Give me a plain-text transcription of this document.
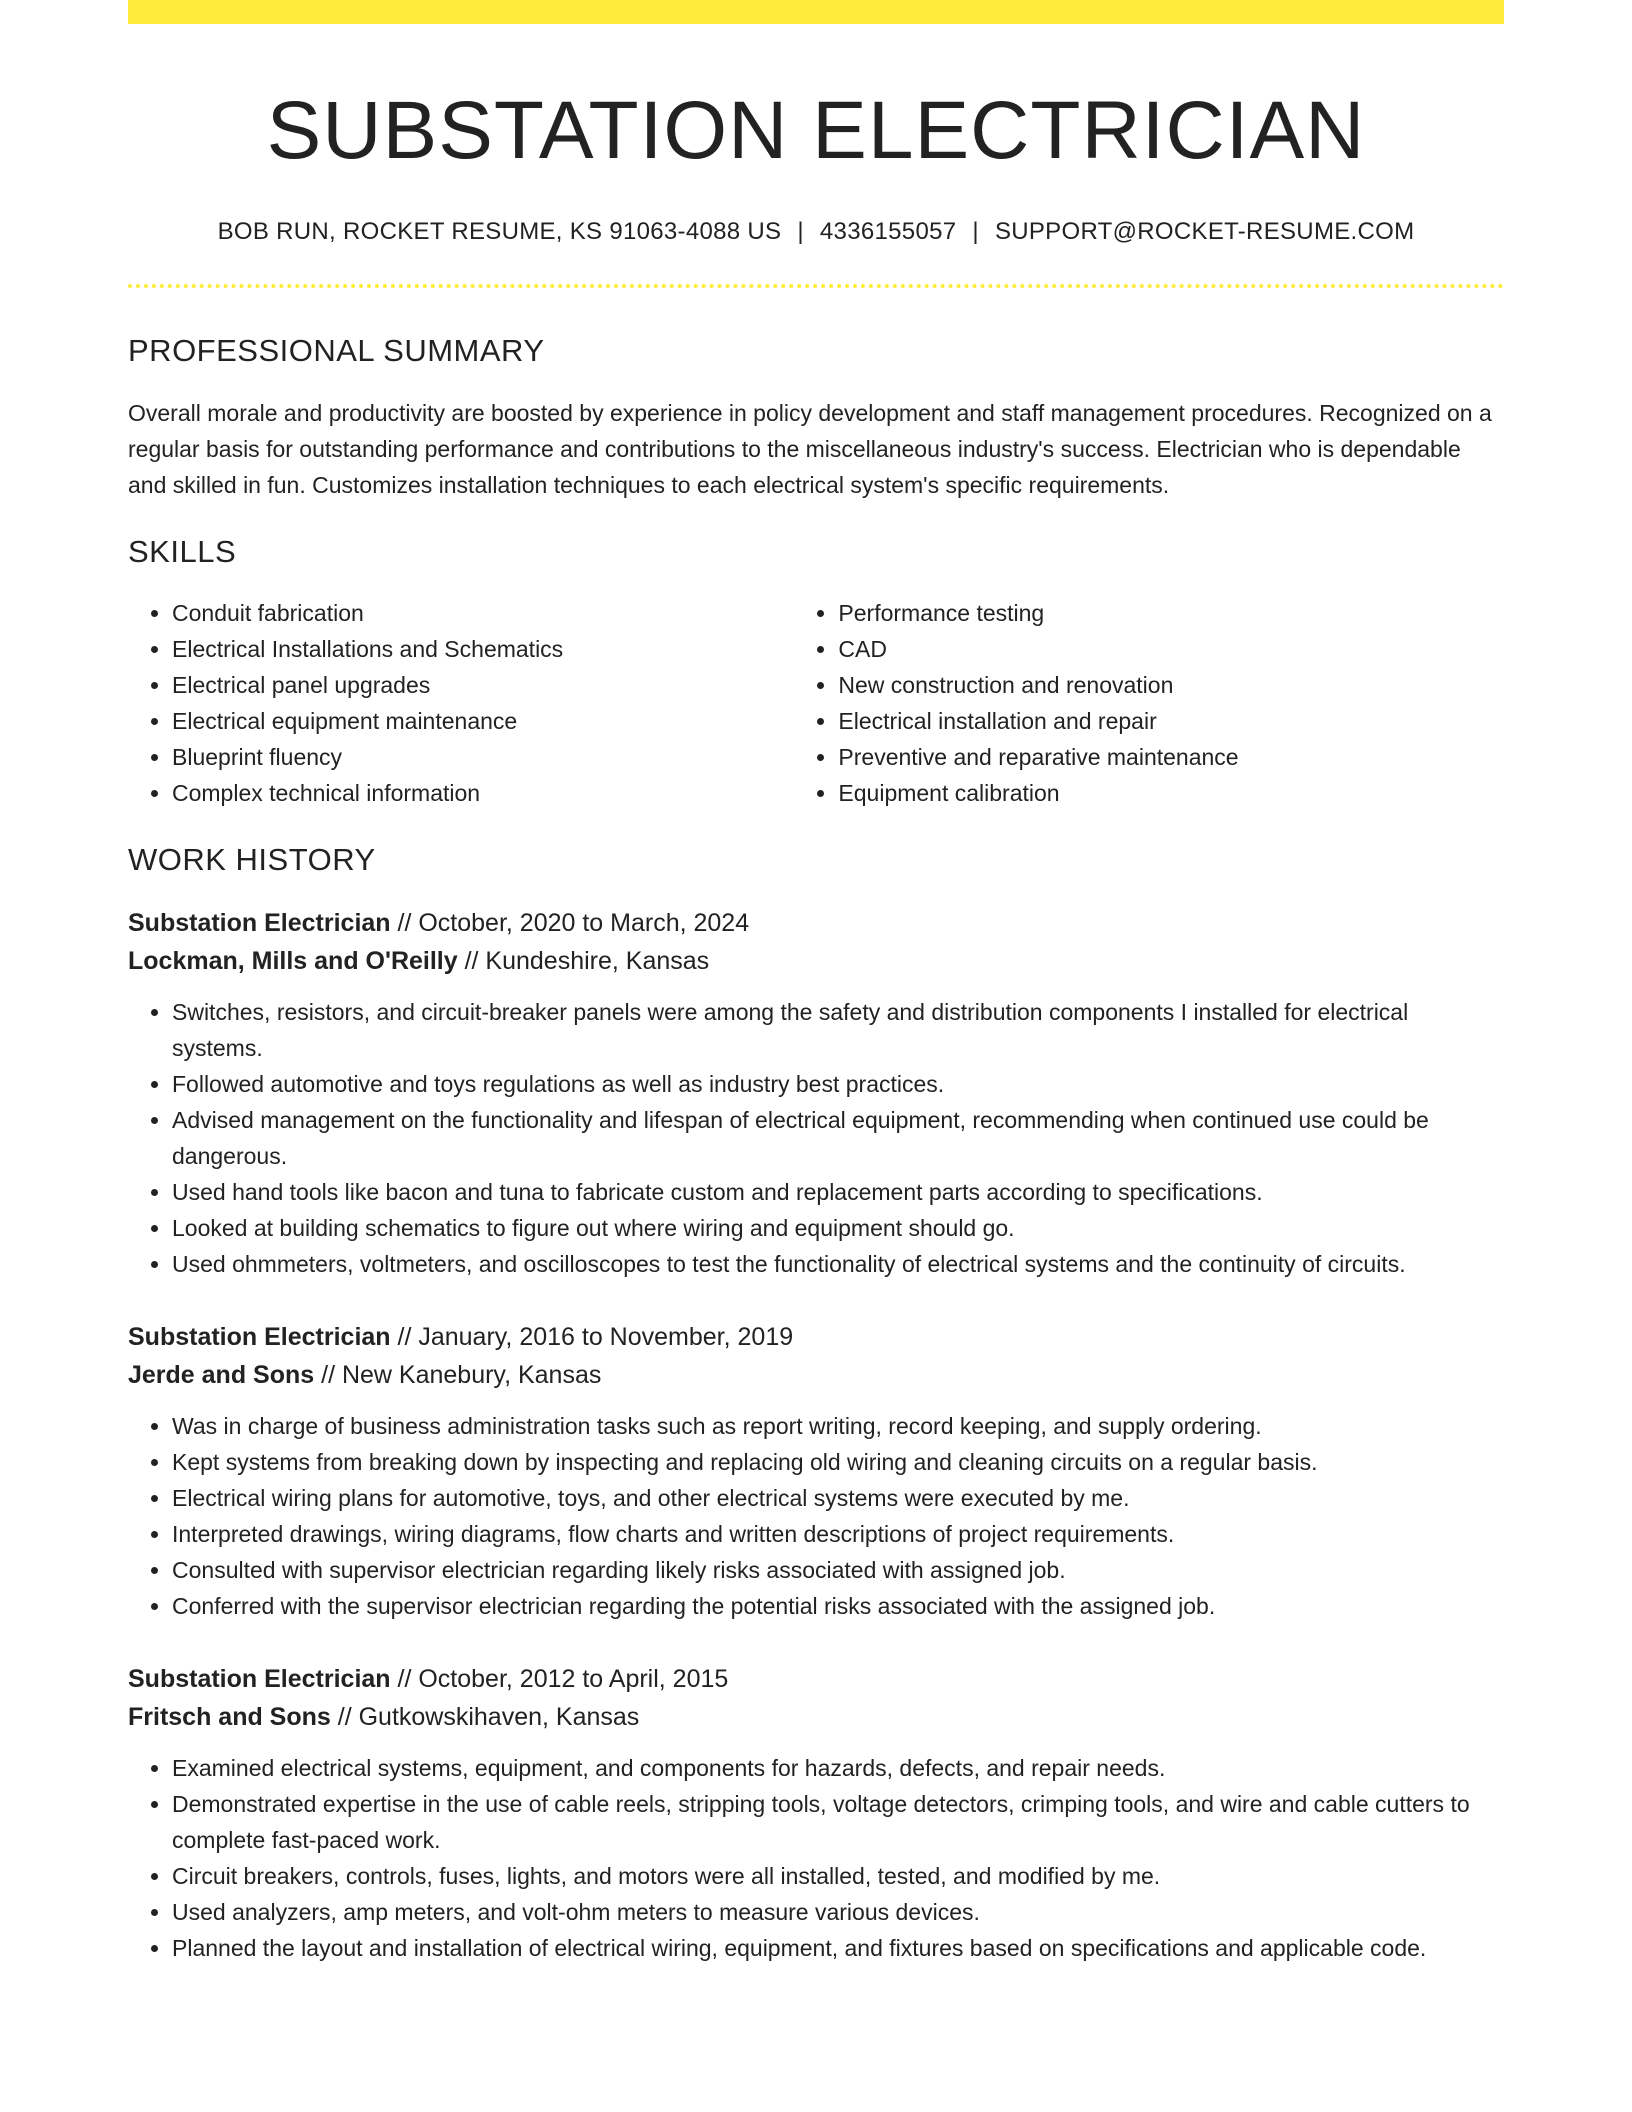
SUBSTATION ELECTRICIAN
BOB RUN, ROCKET RESUME, KS 91063-4088 US | 4336155057 | SUPPORT@ROCKET-RESUME.COM
PROFESSIONAL SUMMARY

Overall morale and productivity are boosted by experience in policy development and staff management procedures. Recognized on a regular basis for outstanding performance and contributions to the miscellaneous industry's success. Electrician who is dependable and skilled in fun. Customizes installation techniques to each electrical system's specific requirements.

SKILLS
• Conduit fabrication
• Electrical Installations and Schematics
• Electrical panel upgrades
• Electrical equipment maintenance
• Blueprint fluency
• Complex technical information
• Performance testing
• CAD
• New construction and renovation
• Electrical installation and repair
• Preventive and reparative maintenance
• Equipment calibration
WORK HISTORY
Substation Electrician // October, 2020 to March, 2024
Lockman, Mills and O'Reilly // Kundeshire, Kansas
• Switches, resistors, and circuit-breaker panels were among the safety and distribution components I installed for electrical systems.
• Followed automotive and toys regulations as well as industry best practices.
• Advised management on the functionality and lifespan of electrical equipment, recommending when continued use could be dangerous.
• Used hand tools like bacon and tuna to fabricate custom and replacement parts according to specifications.
• Looked at building schematics to figure out where wiring and equipment should go.
• Used ohmmeters, voltmeters, and oscilloscopes to test the functionality of electrical systems and the continuity of circuits.
Substation Electrician // January, 2016 to November, 2019
Jerde and Sons // New Kanebury, Kansas
• Was in charge of business administration tasks such as report writing, record keeping, and supply ordering.
• Kept systems from breaking down by inspecting and replacing old wiring and cleaning circuits on a regular basis.
• Electrical wiring plans for automotive, toys, and other electrical systems were executed by me.
• Interpreted drawings, wiring diagrams, flow charts and written descriptions of project requirements.
• Consulted with supervisor electrician regarding likely risks associated with assigned job.
• Conferred with the supervisor electrician regarding the potential risks associated with the assigned job.
Substation Electrician // October, 2012 to April, 2015
Fritsch and Sons // Gutkowskihaven, Kansas
• Examined electrical systems, equipment, and components for hazards, defects, and repair needs.
• Demonstrated expertise in the use of cable reels, stripping tools, voltage detectors, crimping tools, and wire and cable cutters to complete fast-paced work.
• Circuit breakers, controls, fuses, lights, and motors were all installed, tested, and modified by me.
• Used analyzers, amp meters, and volt-ohm meters to measure various devices.
• Planned the layout and installation of electrical wiring, equipment, and fixtures based on specifications and applicable code.
